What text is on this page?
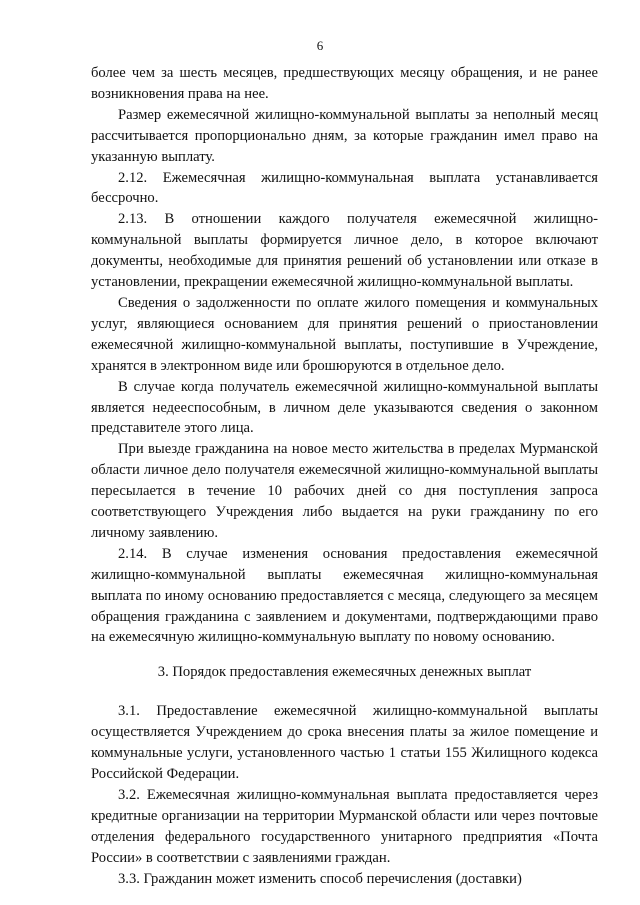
6

более чем за шесть месяцев, предшествующих месяцу обращения, и не ранее возникновения права на нее.

Размер ежемесячной жилищно-коммунальной выплаты за неполный месяц рассчитывается пропорционально дням, за которые гражданин имел право на указанную выплату.

2.12. Ежемесячная жилищно-коммунальная выплата устанавливается бессрочно.

2.13. В отношении каждого получателя ежемесячной жилищно-коммунальной выплаты формируется личное дело, в которое включают документы, необходимые для принятия решений об установлении или отказе в установлении, прекращении ежемесячной жилищно-коммунальной выплаты.

Сведения о задолженности по оплате жилого помещения и коммунальных услуг, являющиеся основанием для принятия решений о приостановлении ежемесячной жилищно-коммунальной выплаты, поступившие в Учреждение, хранятся в электронном виде или брошюруются в отдельное дело.

В случае когда получатель ежемесячной жилищно-коммунальной выплаты является недееспособным, в личном деле указываются сведения о законном представителе этого лица.

При выезде гражданина на новое место жительства в пределах Мурманской области личное дело получателя ежемесячной жилищно-коммунальной выплаты пересылается в течение 10 рабочих дней со дня поступления запроса соответствующего Учреждения либо выдается на руки гражданину по его личному заявлению.

2.14. В случае изменения основания предоставления ежемесячной жилищно-коммунальной выплаты ежемесячная жилищно-коммунальная выплата по иному основанию предоставляется с месяца, следующего за месяцем обращения гражданина с заявлением и документами, подтверждающими право на ежемесячную жилищно-коммунальную выплату по новому основанию.

3. Порядок предоставления ежемесячных денежных выплат

3.1. Предоставление ежемесячной жилищно-коммунальной выплаты осуществляется Учреждением до срока внесения платы за жилое помещение и коммунальные услуги, установленного частью 1 статьи 155 Жилищного кодекса Российской Федерации.

3.2. Ежемесячная жилищно-коммунальная выплата предоставляется через кредитные организации на территории Мурманской области или через почтовые отделения федерального государственного унитарного предприятия «Почта России» в соответствии с заявлениями граждан.

3.3. Гражданин может изменить способ перечисления (доставки)
